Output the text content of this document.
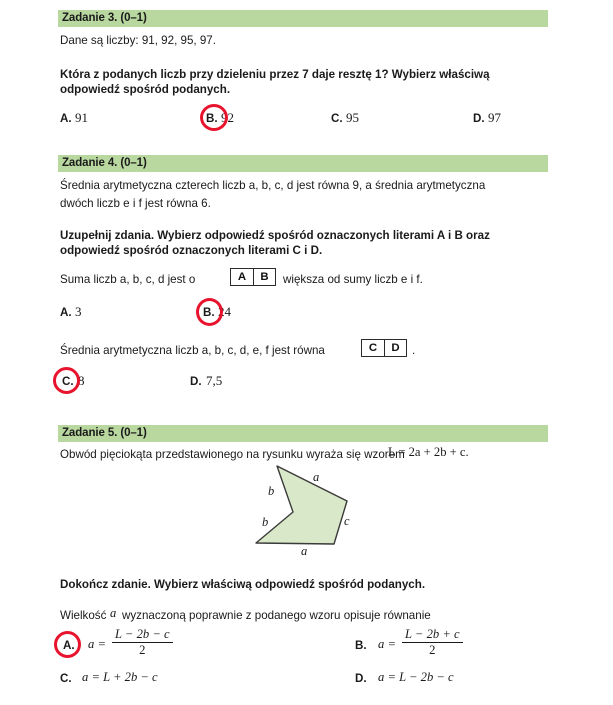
Zadanie 3. (0–1)
Dane są liczby: 91, 92, 95, 97.
Która z podanych liczb przy dzieleniu przez 7 daje resztę 1? Wybierz właściwą
odpowiedź spośród podanych.
A. 91	B. 92	C. 95	D. 97
Zadanie 4. (0–1)
Średnia arytmetyczna czterech liczb a, b, c, d jest równa 9, a średnia arytmetyczna
dwóch liczb e i f jest równa 6.
Uzupełnij zdania. Wybierz odpowiedź spośród oznaczonych literami A i B oraz
odpowiedź spośród oznaczonych literami C i D.
Suma liczb a, b, c, d jest o	A	B	większa od sumy liczb e i f.
A. 3	B. 24
Średnia arytmetyczna liczb a, b, c, d, e, f jest równa	C	D	.
C. 8	D. 7,5
Zadanie 5. (0–1)
Obwód pięciokąta przedstawionego na rysunku wyraża się wzorem
L = 2a + 2b + c.
a
b
b	c
a
Dokończ zdanie. Wybierz właściwą odpowiedź spośród podanych.
Wielkość a wyznaczoną poprawnie z podanego wzoru opisuje równanie
A. $a = \frac{L - 2b - c}{2}$	B. $a = \frac{L - 2b + c}{2}$
C. a = L + 2b − c	D. a = L − 2b − c
